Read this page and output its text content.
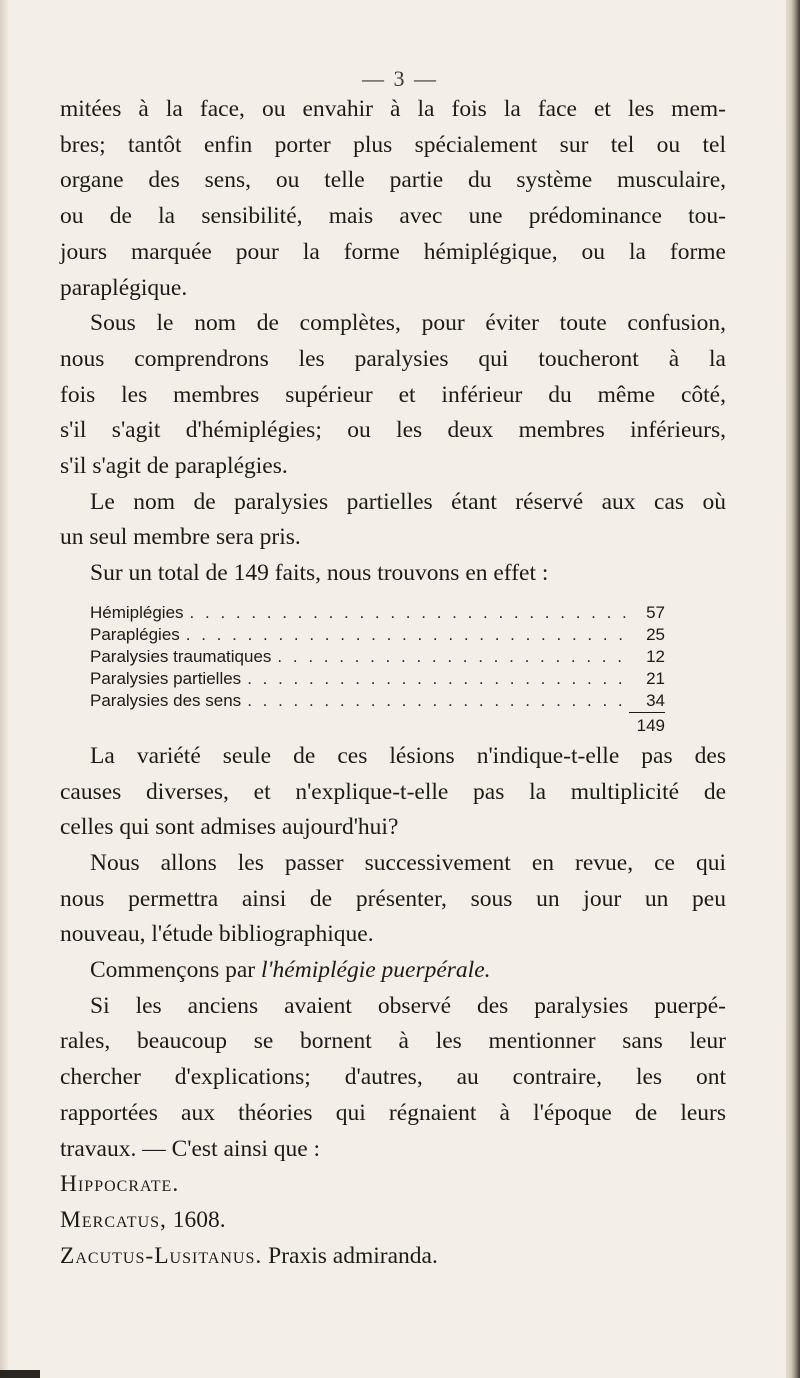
— 3 —

mitées à la face, ou envahir à la fois la face et les mem-
bres; tantôt enfin porter plus spécialement sur tel ou tel
organe des sens, ou telle partie du système musculaire,
ou de la sensibilité, mais avec une prédominance tou-
jours marquée pour la forme hémiplégique, ou la forme
paraplégique.

Sous le nom de complètes, pour éviter toute confusion,
nous comprendrons les paralysies qui toucheront à la
fois les membres supérieur et inférieur du même côté,
s'il s'agit d'hémiplégies; ou les deux membres inférieurs,
s'il s'agit de paraplégies.

Le nom de paralysies partielles étant réservé aux cas où
un seul membre sera pris.

Sur un total de 149 faits, nous trouvons en effet :

Hémiplégies . . .	57
Paraplégies . . .	25
Paralysies traumatiques . . .	12
Paralysies partielles . . .	21
Paralysies des sens . . .	34
149

La variété seule de ces lésions n'indique-t-elle pas des
causes diverses, et n'explique-t-elle pas la multiplicité de
celles qui sont admises aujourd'hui?

Nous allons les passer successivement en revue, ce qui
nous permettra ainsi de présenter, sous un jour un peu
nouveau, l'étude bibliographique.

Commençons par l'hémiplégie puerpérale.

Si les anciens avaient observé des paralysies puerpé-
rales, beaucoup se bornent à les mentionner sans leur
chercher d'explications; d'autres, au contraire, les ont
rapportées aux théories qui régnaient à l'époque de leurs
travaux. — C'est ainsi que :

Hippocrate.
Mercatus, 1608.
Zacutus-Lusitanus. Praxis admiranda.
